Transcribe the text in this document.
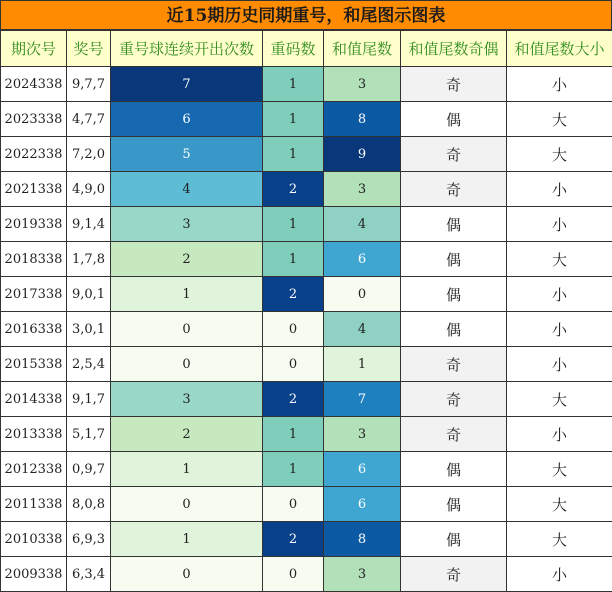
近15期历史同期重号，和尾图示图表
期次号	奖号	重号球连续开出次数	重码数	和值尾数	和值尾数奇偶	和值尾数大小
2024338	9,7,7	7	1	3	奇	小
2023338	4,7,7	6	1	8	偶	大
2022338	7,2,0	5	1	9	奇	大
2021338	4,9,0	4	2	3	奇	小
2019338	9,1,4	3	1	4	偶	小
2018338	1,7,8	2	1	6	偶	大
2017338	9,0,1	1	2	0	偶	小
2016338	3,0,1	0	0	4	偶	小
2015338	2,5,4	0	0	1	奇	小
2014338	9,1,7	3	2	7	奇	大
2013338	5,1,7	2	1	3	奇	小
2012338	0,9,7	1	1	6	偶	大
2011338	8,0,8	0	0	6	偶	大
2010338	6,9,3	1	2	8	偶	大
2009338	6,3,4	0	0	3	奇	小
